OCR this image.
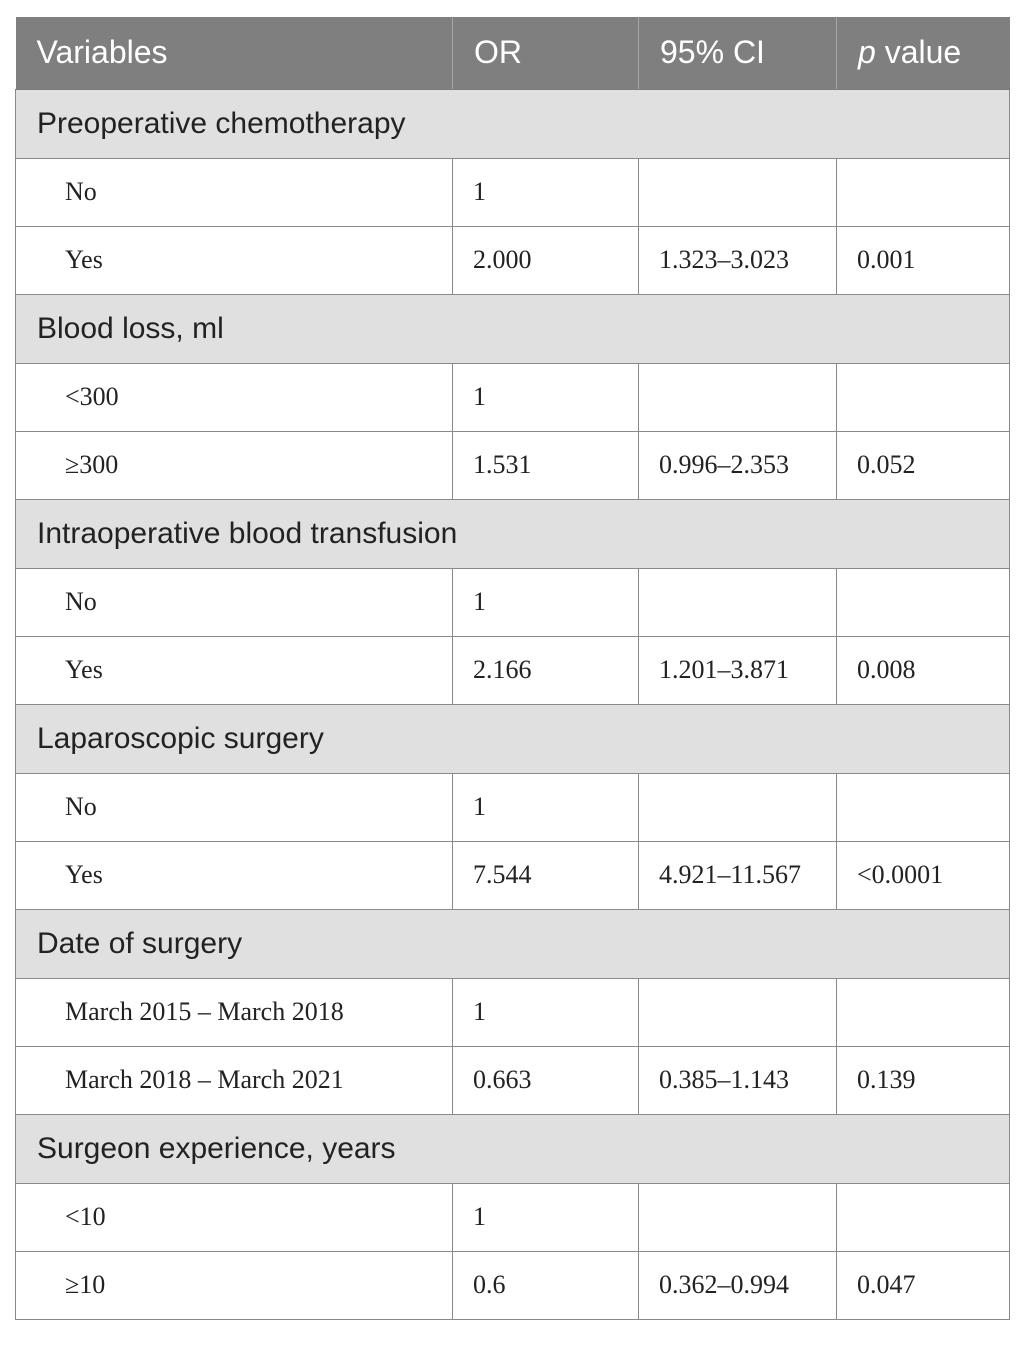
Variables	OR	95% CI	p value
Preoperative chemotherapy			
No	1		
Yes	2.000	1.323–3.023	0.001
Blood loss, ml			
<300	1		
≥300	1.531	0.996–2.353	0.052
Intraoperative blood transfusion			
No	1		
Yes	2.166	1.201–3.871	0.008
Laparoscopic surgery			
No	1		
Yes	7.544	4.921–11.567	<0.0001
Date of surgery			
March 2015 – March 2018	1		
March 2018 – March 2021	0.663	0.385–1.143	0.139
Surgeon experience, years			
<10	1		
≥10	0.6	0.362–0.994	0.047
